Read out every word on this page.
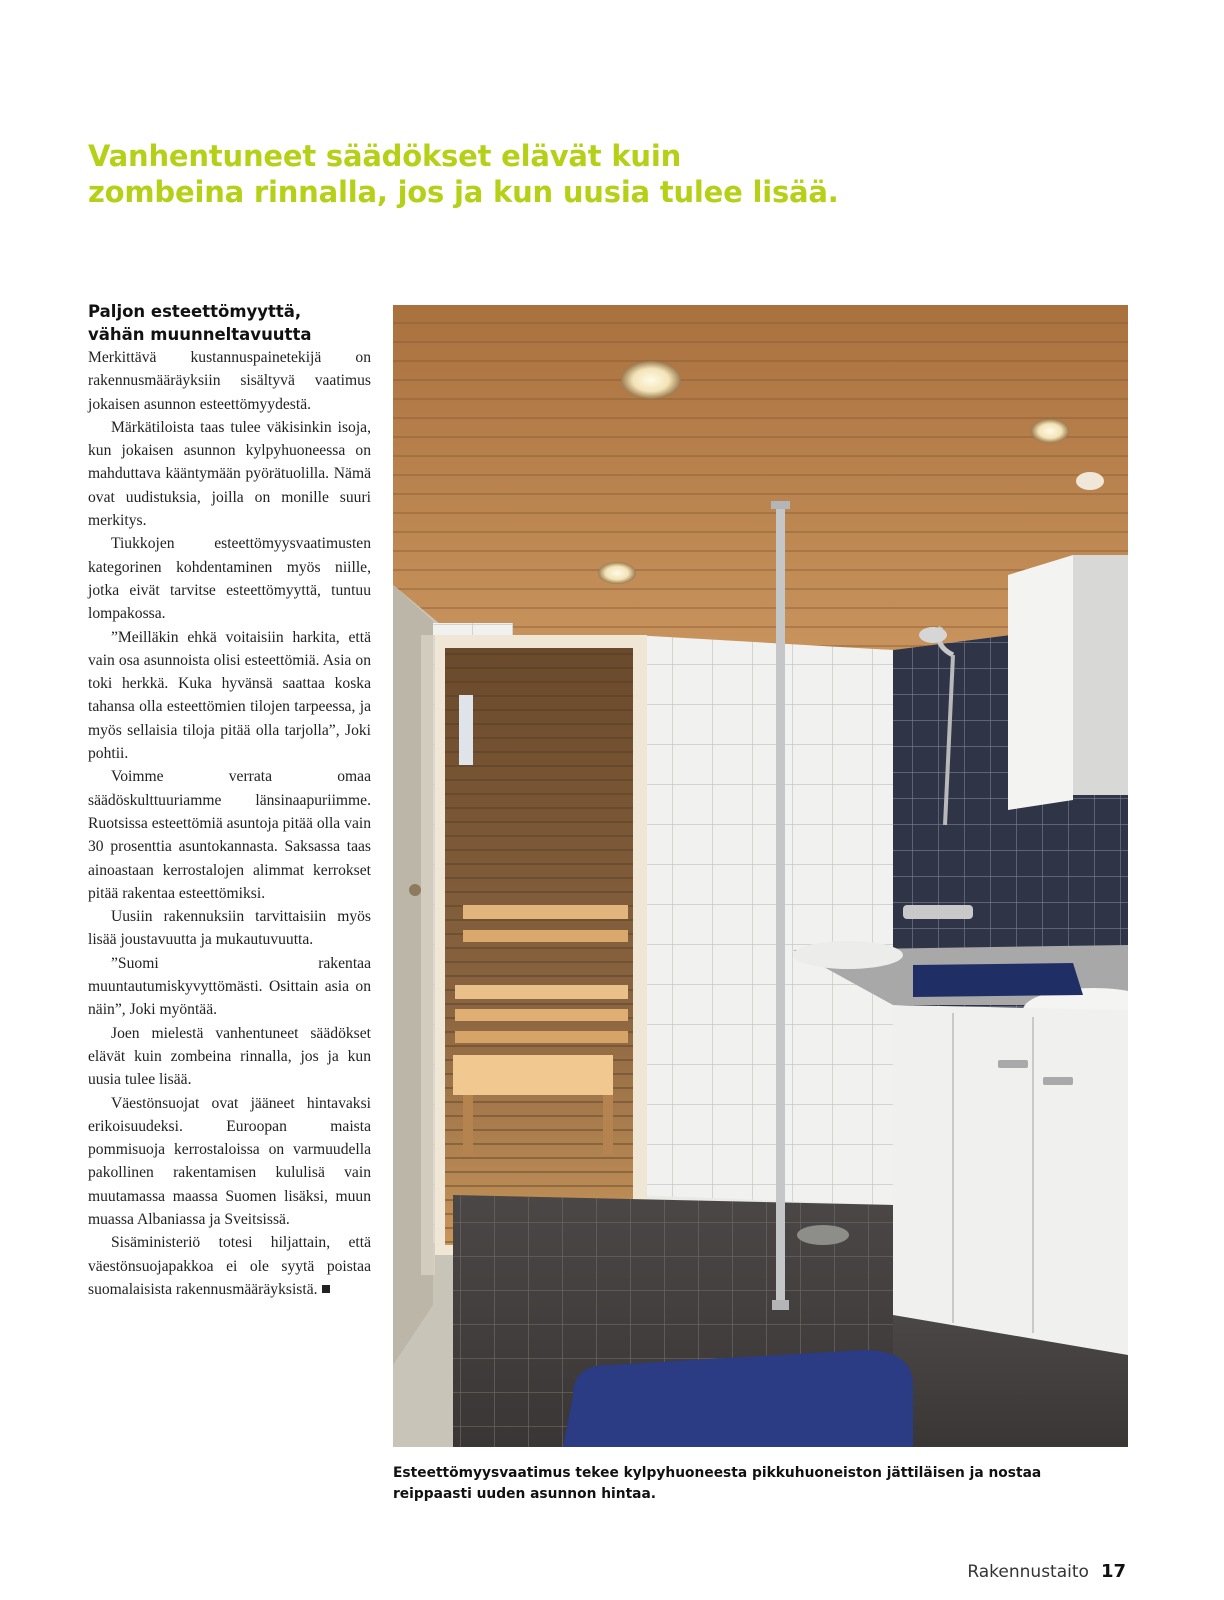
Vanhentuneet säädökset elävät kuin
zombeina rinnalla, jos ja kun uusia tulee lisää.
Paljon esteettömyyttä,
vähän muunneltavuutta

Merkittävä kustannuspainetekijä on rakennusmääräyksiin sisältyvä vaatimus jokaisen asunnon esteettömyydestä.

Märkätiloista taas tulee väkisinkin isoja, kun jokaisen asunnon kylpyhuoneessa on mahduttava kääntymään pyörätuolilla. Nämä ovat uudistuksia, joilla on monille suuri merkitys.

Tiukkojen esteettömyysvaatimusten kategorinen kohdentaminen myös niille, jotka eivät tarvitse esteettömyyttä, tuntuu lompakossa.

”Meilläkin ehkä voitaisiin harkita, että vain osa asunnoista olisi esteettömiä. Asia on toki herkkä. Kuka hyvänsä saattaa koska tahansa olla esteettömien tilojen tarpeessa, ja myös sellaisia tiloja pitää olla tarjolla”, Joki pohtii.

Voimme verrata omaa säädöskulttuuriamme länsinaapuriimme. Ruotsissa esteettömiä asuntoja pitää olla vain 30 prosenttia asuntokannasta. Saksassa taas ainoastaan kerrostalojen alimmat kerrokset pitää rakentaa esteettömiksi.

Uusiin rakennuksiin tarvittaisiin myös lisää joustavuutta ja mukautuvuutta.

”Suomi rakentaa muuntautumiskyvyttömästi. Osittain asia on näin”, Joki myöntää.

Joen mielestä vanhentuneet säädökset elävät kuin zombeina rinnalla, jos ja kun uusia tulee lisää.

Väestönsuojat ovat jääneet hintavaksi erikoisuudeksi. Euroopan maista pommisuoja kerrostaloissa on varmuudella pakollinen rakentamisen kululisä vain muutamassa maassa Suomen lisäksi, muun muassa Albaniassa ja Sveitsissä.

Sisäministeriö totesi hiljattain, että väestönsuojapakkoa ei ole syytä poistaa suomalaisista rakennusmääräyksistä.

Esteettömyysvaatimus tekee kylpyhuoneesta pikkuhuoneiston jättiläisen ja nostaa
reippaasti uuden asunnon hintaa.

Rakennustaito 17
